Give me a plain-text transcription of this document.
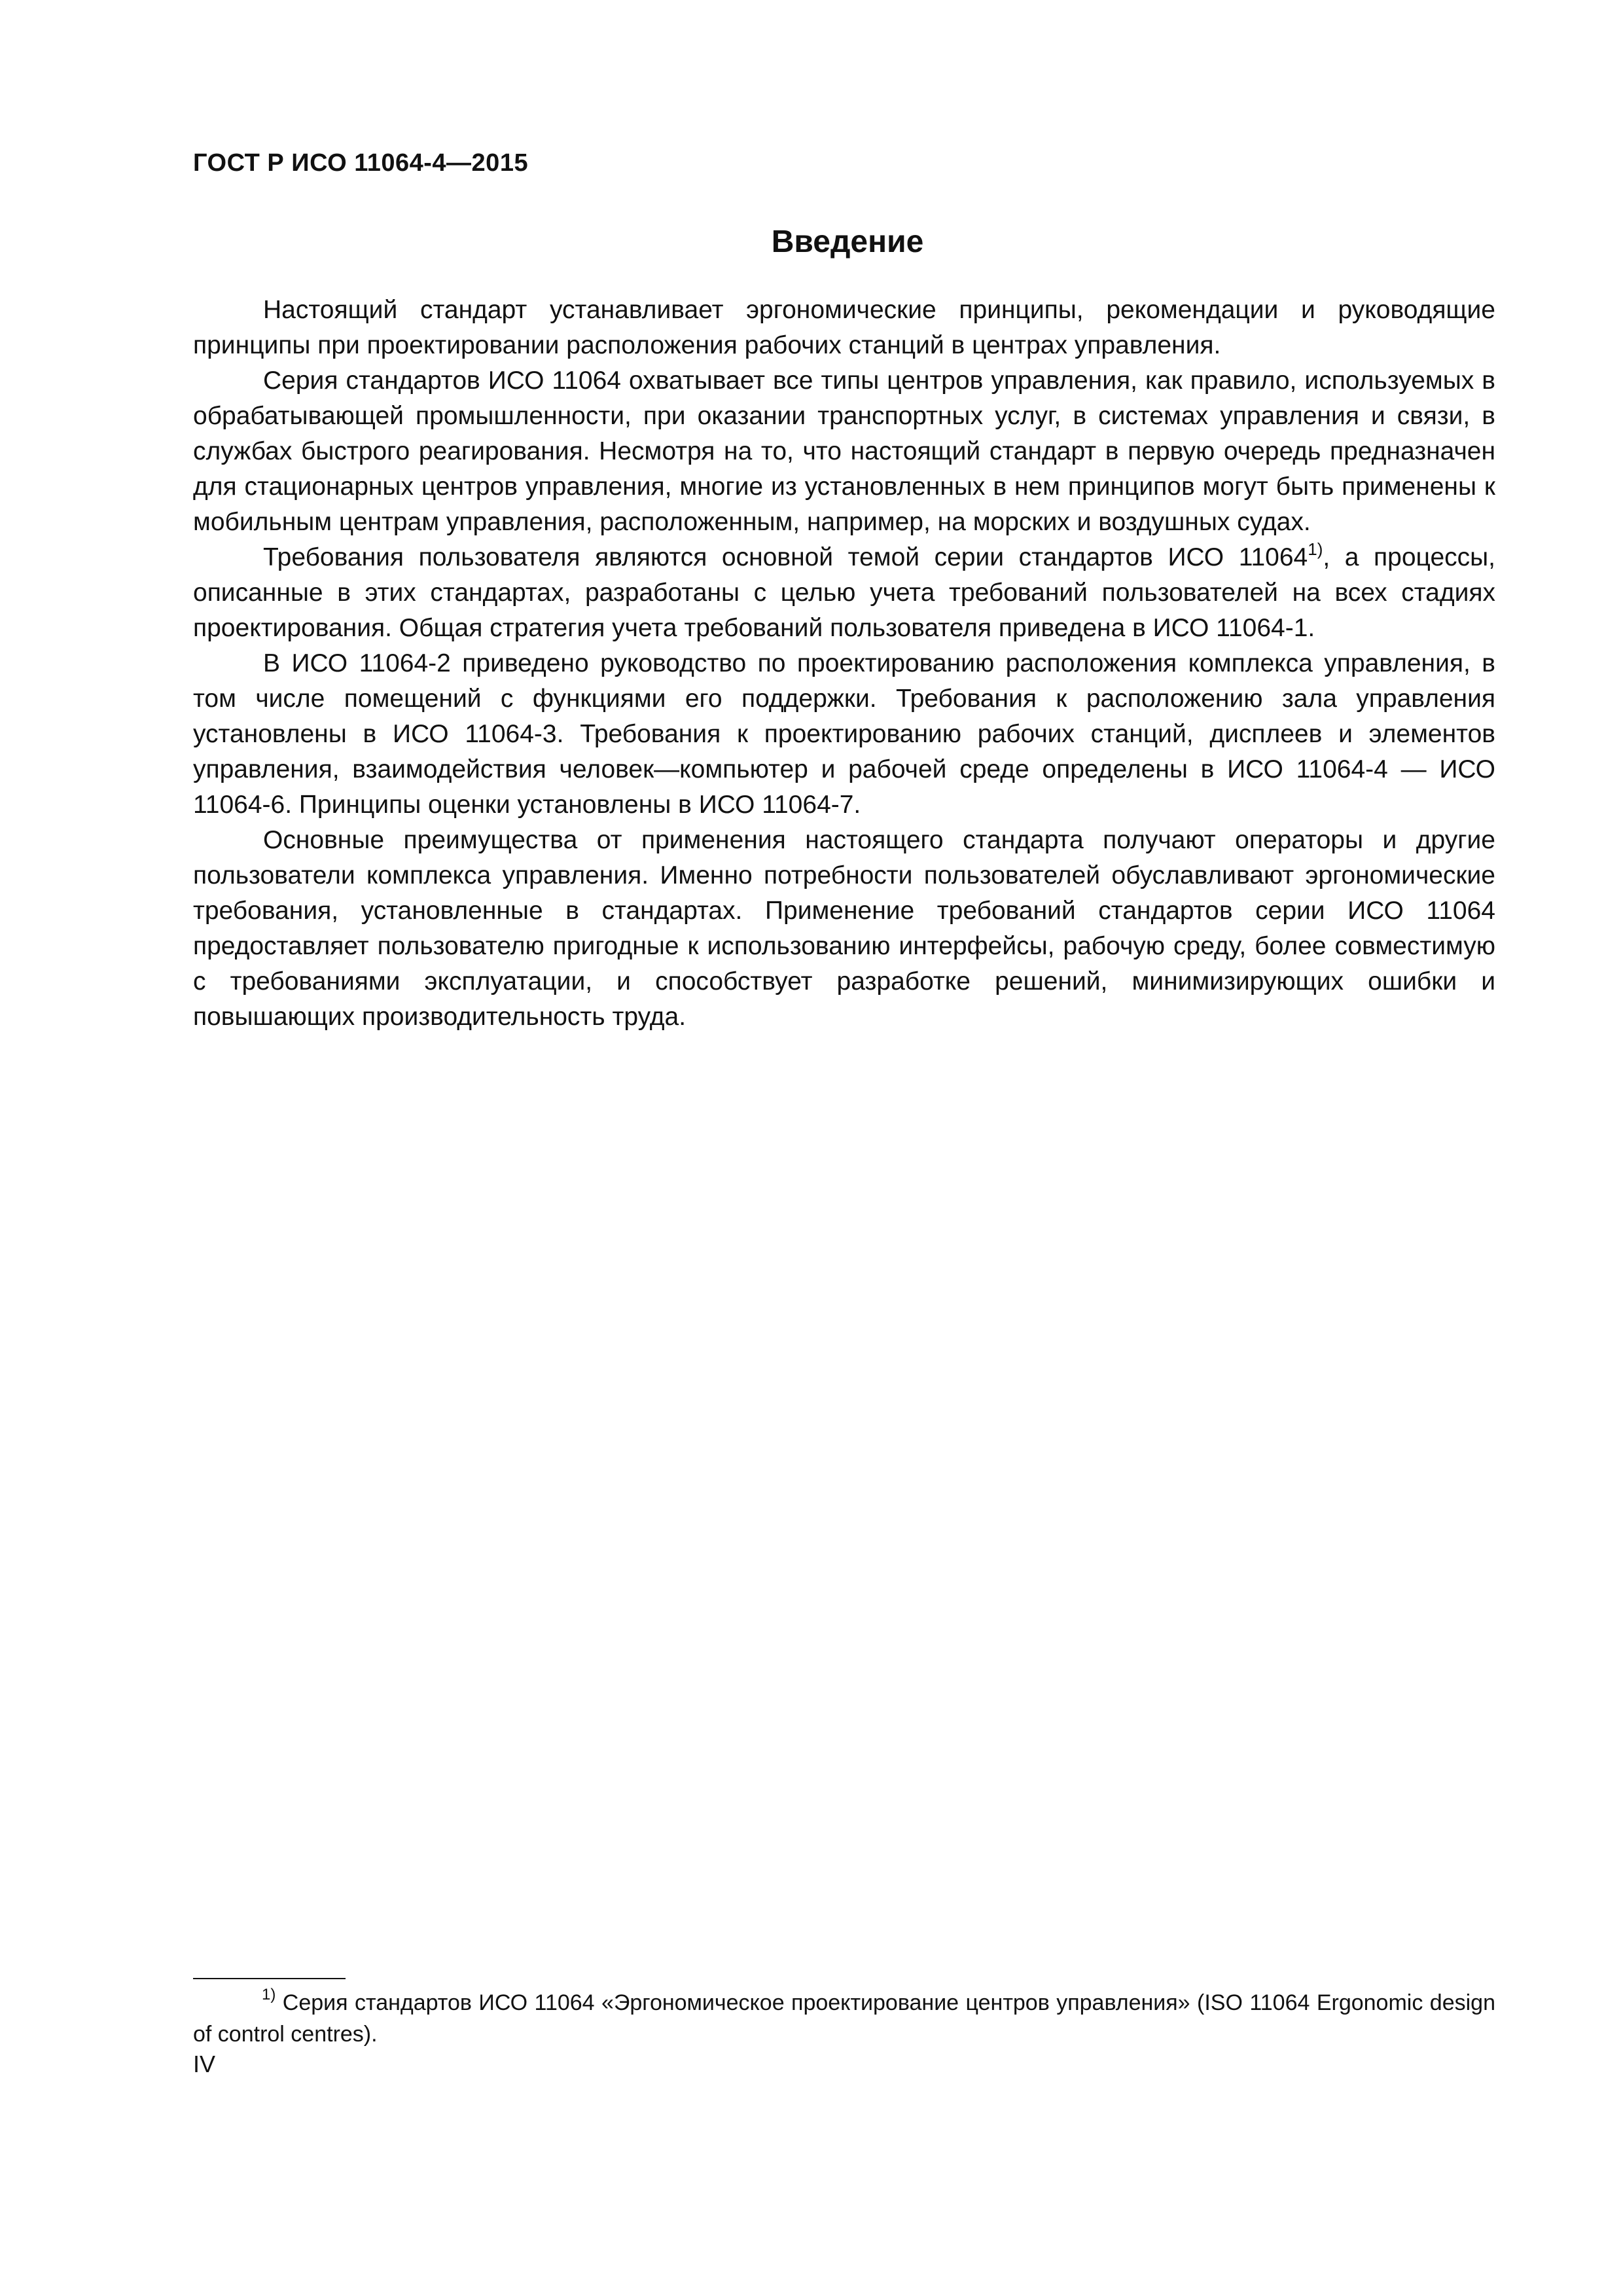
ГОСТ Р ИСО 11064-4—2015
Введение

Настоящий стандарт устанавливает эргономические принципы, рекомендации и руководящие принципы при проектировании расположения рабочих станций в центрах управления.

Серия стандартов ИСО 11064 охватывает все типы центров управления, как правило, используемых в обрабатывающей промышленности, при оказании транспортных услуг, в системах управления и связи, в службах быстрого реагирования. Несмотря на то, что настоящий стандарт в первую очередь предназначен для стационарных центров управления, многие из установленных в нем принципов могут быть применены к мобильным центрам управления, расположенным, например, на морских и воздушных судах.

Требования пользователя являются основной темой серии стандартов ИСО 11064$^{1)}$, а процессы, описанные в этих стандартах, разработаны с целью учета требований пользователей на всех стадиях проектирования. Общая стратегия учета требований пользователя приведена в ИСО 11064-1.

В ИСО 11064-2 приведено руководство по проектированию расположения комплекса управления, в том числе помещений с функциями его поддержки. Требования к расположению зала управления установлены в ИСО 11064-3. Требования к проектированию рабочих станций, дисплеев и элементов управления, взаимодействия человек—компьютер и рабочей среде определены в ИСО 11064-4 — ИСО 11064-6. Принципы оценки установлены в ИСО 11064-7.

Основные преимущества от применения настоящего стандарта получают операторы и другие пользователи комплекса управления. Именно потребности пользователей обуславливают эргономические требования, установленные в стандартах. Применение требований стандартов серии ИСО 11064 предоставляет пользователю пригодные к использованию интерфейсы, рабочую среду, более совместимую с требованиями эксплуатации, и способствует разработке решений, минимизирующих ошибки и повышающих производительность труда.

$^{1)}$ Серия стандартов ИСО 11064 «Эргономическое проектирование центров управления» (ISO 11064 Ergonomic design of control centres).

IV
